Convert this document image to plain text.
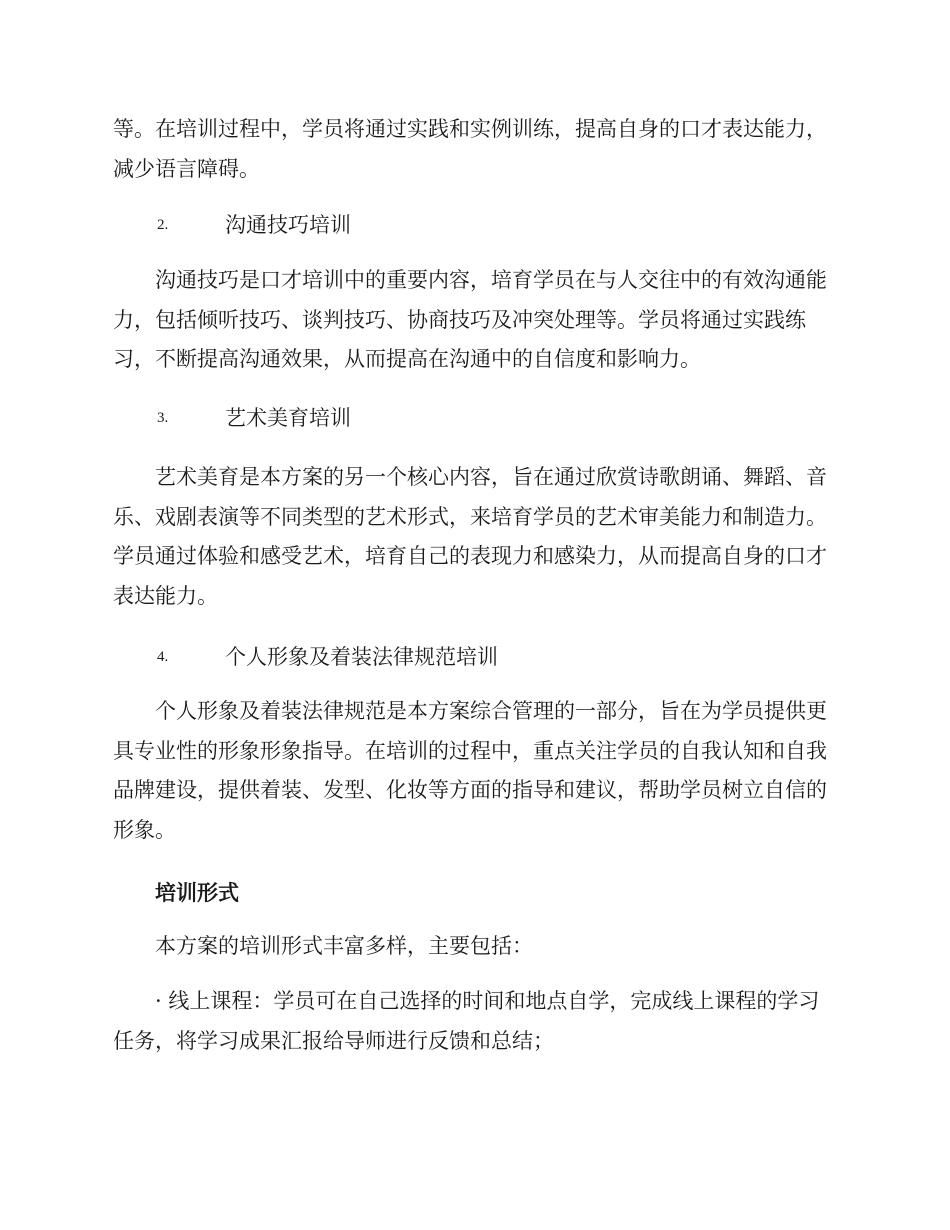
等。在培训过程中，学员将通过实践和实例训练，提高自身的口才表达能力，减少语言障碍。

2.	沟通技巧培训

沟通技巧是口才培训中的重要内容，培育学员在与人交往中的有效沟通能力，包括倾听技巧、谈判技巧、协商技巧及冲突处理等。学员将通过实践练习，不断提高沟通效果，从而提高在沟通中的自信度和影响力。

3.	艺术美育培训

艺术美育是本方案的另一个核心内容，旨在通过欣赏诗歌朗诵、舞蹈、音乐、戏剧表演等不同类型的艺术形式，来培育学员的艺术审美能力和制造力。学员通过体验和感受艺术，培育自己的表现力和感染力，从而提高自身的口才表达能力。

4.	个人形象及着装法律规范培训

个人形象及着装法律规范是本方案综合管理的一部分，旨在为学员提供更具专业性的形象形象指导。在培训的过程中，重点关注学员的自我认知和自我品牌建设，提供着装、发型、化妆等方面的指导和建议，帮助学员树立自信的形象。

培训形式

本方案的培训形式丰富多样，主要包括：

· 线上课程：学员可在自己选择的时间和地点自学，完成线上课程的学习任务，将学习成果汇报给导师进行反馈和总结；
